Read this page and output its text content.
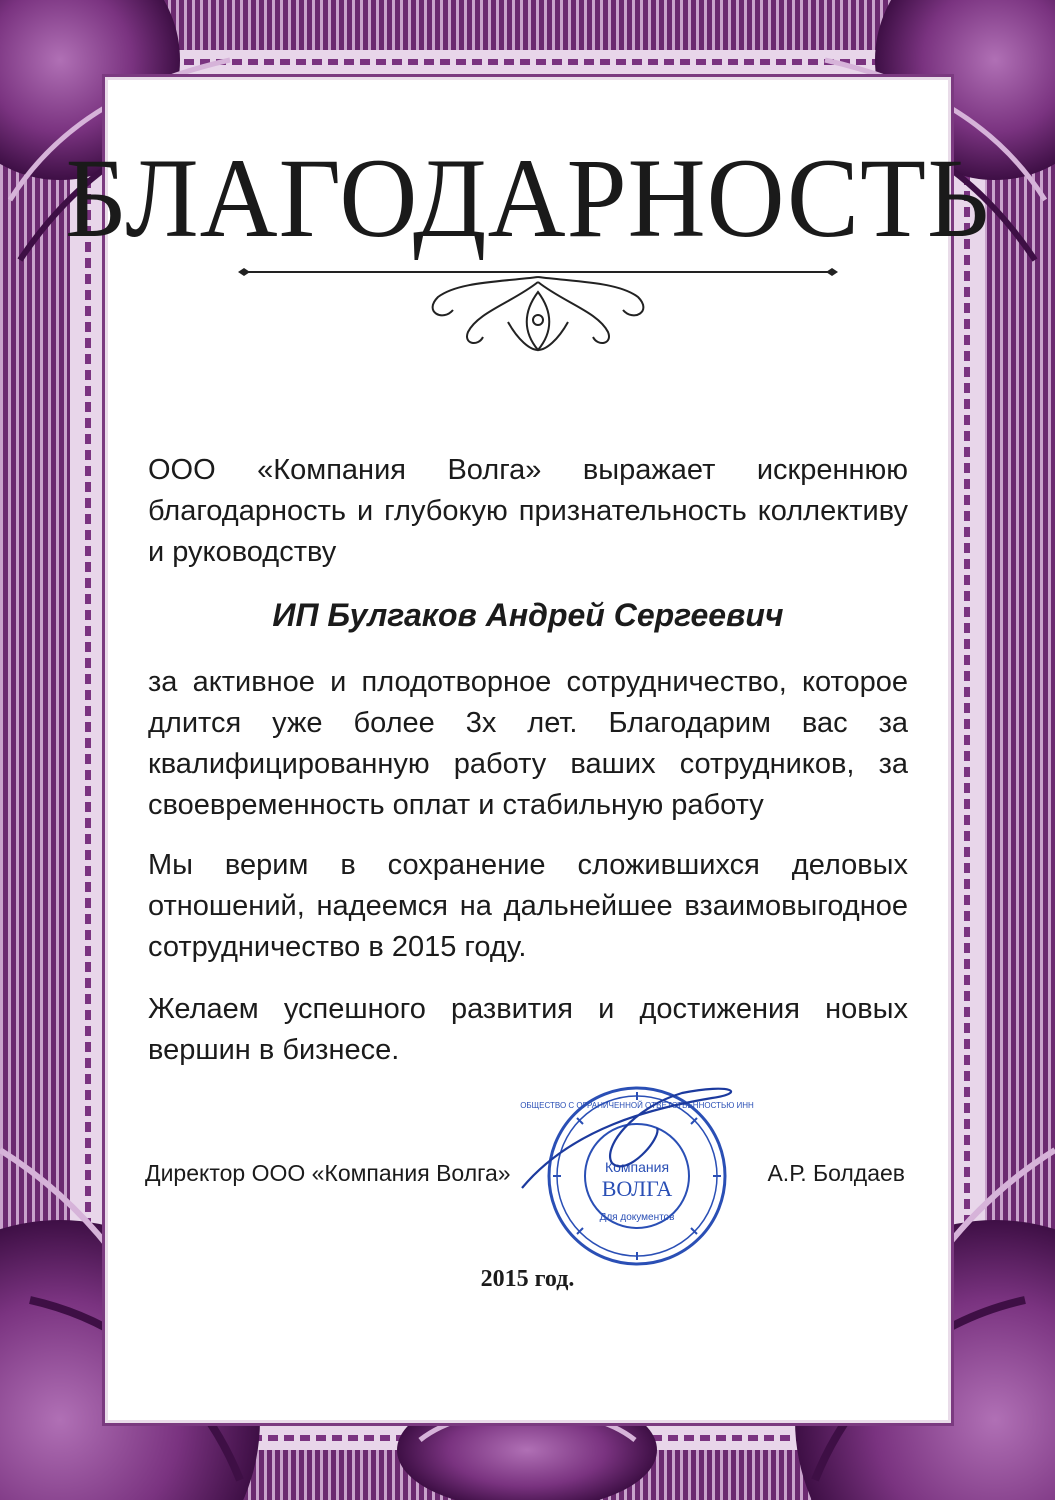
БЛАГОДАРНОСТЬ
ООО «Компания Волга» выражает искреннюю благодарность и глубокую признательность коллективу и руководству
ИП Булгаков Андрей Сергеевич
за активное и плодотворное сотрудничество, которое длится уже более 3х лет. Благодарим вас за квалифицированную работу ваших сотрудников, за своевременность оплат и стабильную работу
Мы верим в сохранение сложившихся деловых отношений, надеемся на дальнейшее взаимовыгодное сотрудничество в 2015 году.
Желаем успешного развития и достижения новых вершин в бизнесе.
Компания
ВОЛГА
Для документов
ОБЩЕСТВО С ОГРАНИЧЕННОЙ ОТВЕТСТВЕННОСТЬЮ ИНН
Директор ООО «Компания Волга»	А.Р. Болдаев
2015 год.
